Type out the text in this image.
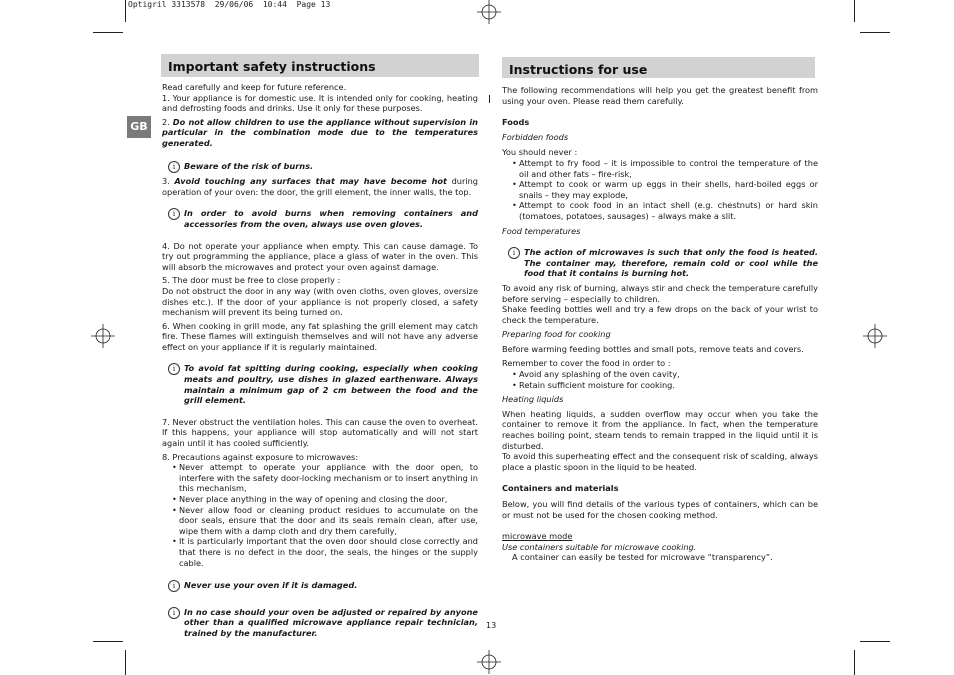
Optigril 3313578  29/06/06  10:44  Page 13
GB
Important safety instructions

Read carefully and keep for future reference.

1. Your appliance is for domestic use. It is intended only for cooking, heating and defrosting foods and drinks. Use it only for these purposes.

2. Do not allow children to use the appliance without supervision in particular in the combination mode due to the temperatures generated.

i	Beware of the risk of burns.

3. Avoid touching any surfaces that may have become hot during operation of your oven: the door, the grill element, the inner walls, the top.

i	In order to avoid burns when removing containers and accessories from the oven, always use oven gloves.

4. Do not operate your appliance when empty. This can cause damage. To try out programming the appliance, place a glass of water in the oven. This will absorb the microwaves and protect your oven against damage.

5. The door must be free to close properly :

Do not obstruct the door in any way (with oven cloths, oven gloves, oversize dishes etc.). If the door of your appliance is not properly closed, a safety mechanism will prevent its being turned on.

6. When cooking in grill mode, any fat splashing the grill element may catch fire. These flames will extinguish themselves and will not have any adverse effect on your appliance if it is regularly maintained.

i	To avoid fat spitting during cooking, especially when cooking meats and poultry, use dishes in glazed earthenware. Always maintain a minimum gap of 2 cm between the food and the grill element.

7. Never obstruct the ventilation holes. This can cause the oven to overheat. If this happens, your appliance will stop automatically and will not start again until it has cooled sufficiently.

8. Precautions against exposure to microwaves:

• Never attempt to operate your appliance with the door open, to interfere with the safety door-locking mechanism or to insert anything in this mechanism,
• Never place anything in the way of opening and closing the door,
• Never allow food or cleaning product residues to accumulate on the door seals, ensure that the door and its seals remain clean, after use, wipe them with a damp cloth and dry them carefully,
• It is particularly important that the oven door should close correctly and that there is no defect in the door, the seals, the hinges or the supply cable.
i	Never use your oven if it is damaged.
i	In no case should your oven be adjusted or repaired by anyone other than a qualified microwave appliance repair technician, trained by the manufacturer.
Instructions for use

The following recommendations will help you get the greatest benefit from using your oven. Please read them carefully.

Foods

Forbidden foods

You should never :

• Attempt to fry food – it is impossible to control the temperature of the oil and other fats – fire-risk,
• Attempt to cook or warm up eggs in their shells, hard-boiled eggs or snails – they may explode,
• Attempt to cook food in an intact shell (e.g. chestnuts) or hard skin (tomatoes, potatoes, sausages) – always make a slit.

Food temperatures

i	The action of microwaves is such that only the food is heated. The container may, therefore, remain cold or cool while the food that it contains is burning hot.

To avoid any risk of burning, always stir and check the temperature carefully before serving – especially to children.

Shake feeding bottles well and try a few drops on the back of your wrist to check the temperature.

Preparing food for cooking

Before warming feeding bottles and small pots, remove teats and covers.

Remember to cover the food in order to :

• Avoid any splashing of the oven cavity,
• Retain sufficient moisture for cooking.

Heating liquids

When heating liquids, a sudden overflow may occur when you take the container to remove it from the appliance. In fact, when the temperature reaches boiling point, steam tends to remain trapped in the liquid until it is disturbed.

To avoid this superheating effect and the consequent risk of scalding, always place a plastic spoon in the liquid to be heated.

Containers and materials

Below, you will find details of the various types of containers, which can be or must not be used for the chosen cooking method.

microwave mode

Use containers suitable for microwave cooking.

A container can easily be tested for microwave “transparency”.

13
